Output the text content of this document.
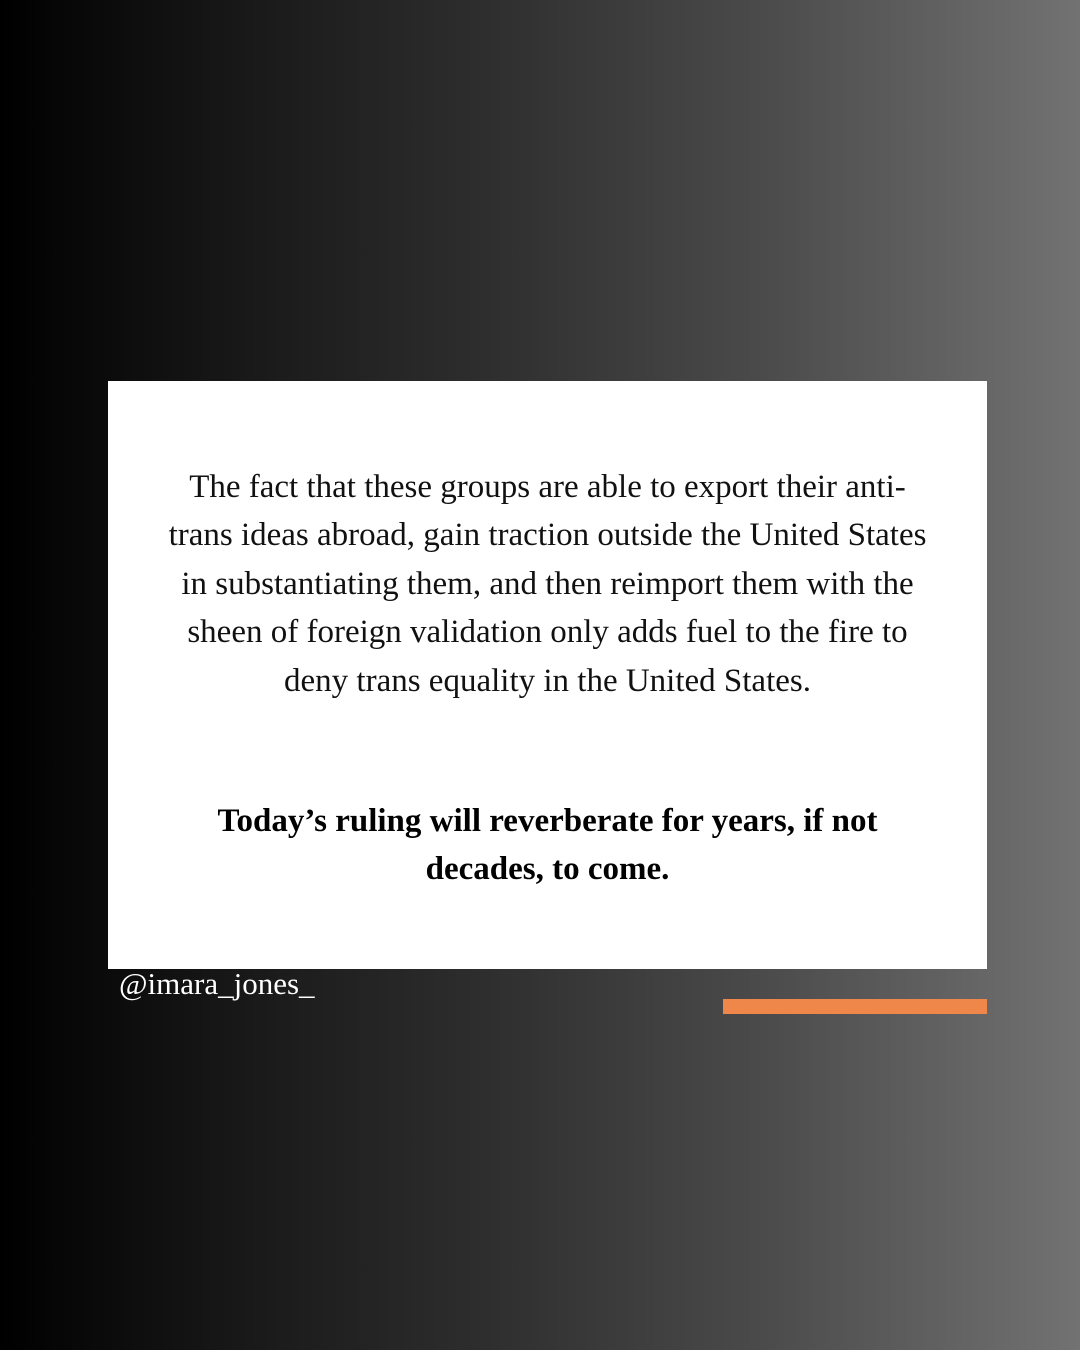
The fact that these groups are able to export their anti-trans ideas abroad, gain traction outside the United States in substantiating them, and then reimport them with the sheen of foreign validation only adds fuel to the fire to deny trans equality in the United States.

Today’s ruling will reverberate for years, if not decades, to come.

@imara_jones_
